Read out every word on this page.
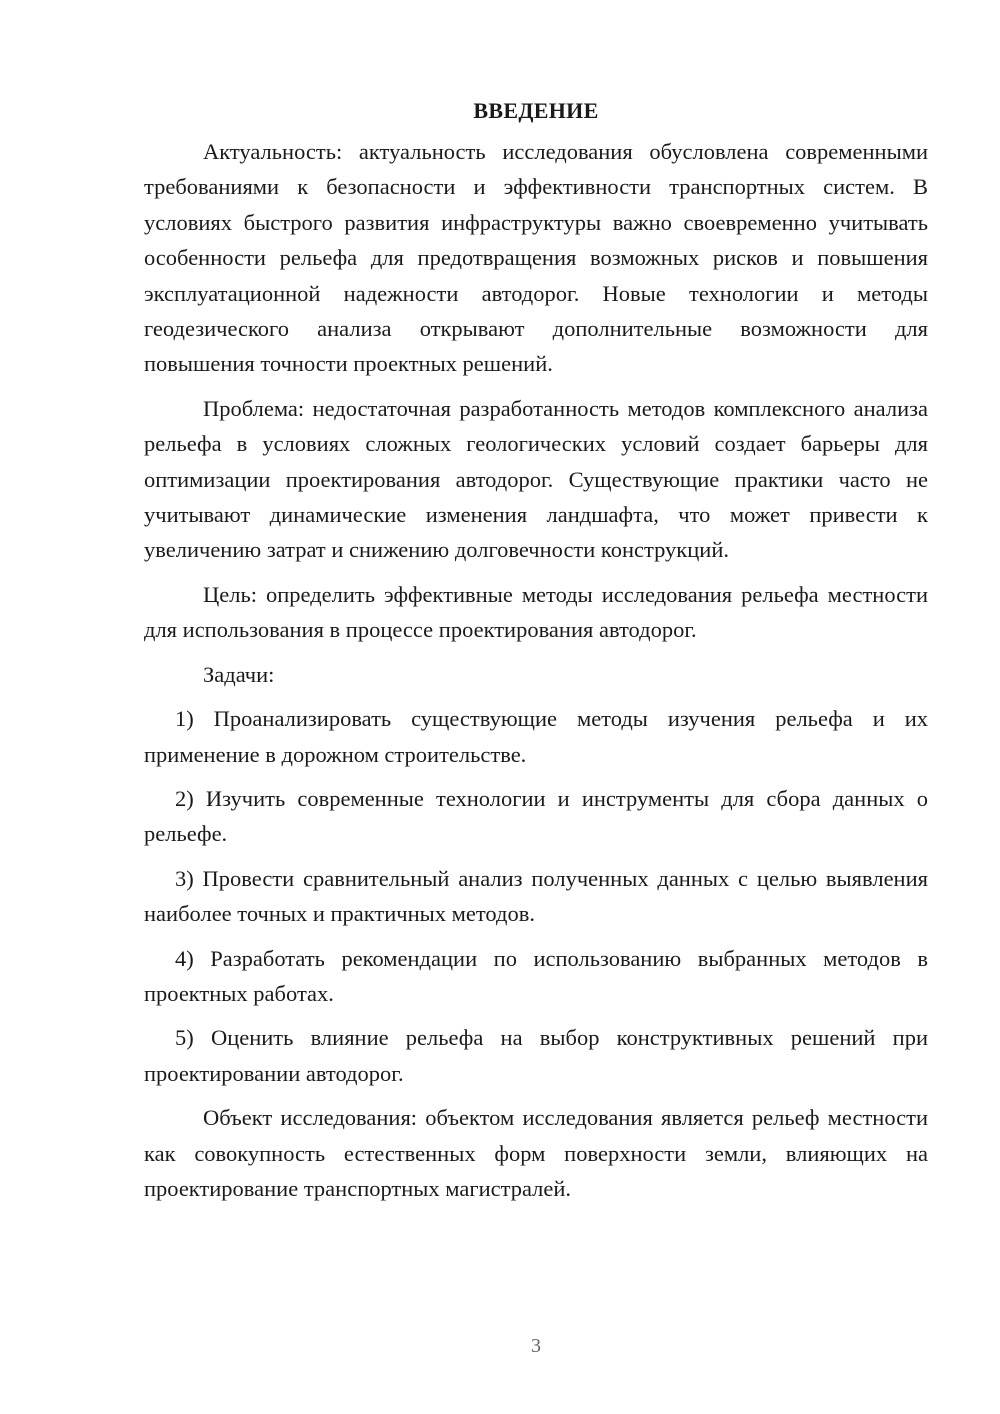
ВВЕДЕНИЕ

Актуальность: актуальность исследования обусловлена современными требованиями к безопасности и эффективности транспортных систем. В условиях быстрого развития инфраструктуры важно своевременно учитывать особенности рельефа для предотвращения возможных рисков и повышения эксплуатационной надежности автодорог. Новые технологии и методы геодезического анализа открывают дополнительные возможности для повышения точности проектных решений.

Проблема: недостаточная разработанность методов комплексного анализа рельефа в условиях сложных геологических условий создает барьеры для оптимизации проектирования автодорог. Существующие практики часто не учитывают динамические изменения ландшафта, что может привести к увеличению затрат и снижению долговечности конструкций.

Цель: определить эффективные методы исследования рельефа местности для использования в процессе проектирования автодорог.

Задачи:

1) Проанализировать существующие методы изучения рельефа и их применение в дорожном строительстве.

2) Изучить современные технологии и инструменты для сбора данных о рельефе.

3) Провести сравнительный анализ полученных данных с целью выявления наиболее точных и практичных методов.

4) Разработать рекомендации по использованию выбранных методов в проектных работах.

5) Оценить влияние рельефа на выбор конструктивных решений при проектировании автодорог.

Объект исследования: объектом исследования является рельеф местности как совокупность естественных форм поверхности земли, влияющих на проектирование транспортных магистралей.

3
